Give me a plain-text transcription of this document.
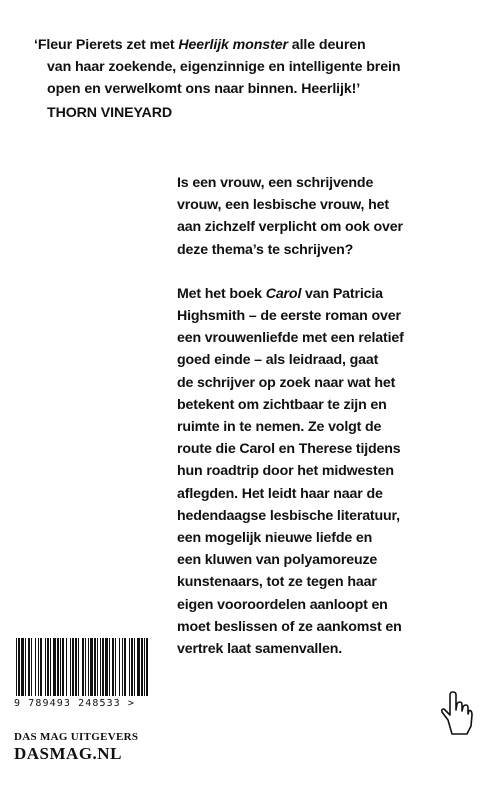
‘Fleur Pierets zet met Heerlijk monster alle deuren
van haar zoekende, eigenzinnige en intelligente brein
open en verwelkomt ons naar binnen. Heerlijk!’
THORN VINEYARD
Is een vrouw, een schrijvende
vrouw, een lesbische vrouw, het
aan zichzelf verplicht om ook over
deze thema’s te schrijven?
Met het boek Carol van Patricia
Highsmith – de eerste roman over
een vrouwenliefde met een relatief
goed einde – als leidraad, gaat
de schrijver op zoek naar wat het
betekent om zichtbaar te zijn en
ruimte in te nemen. Ze volgt de
route die Carol en Therese tijdens
hun roadtrip door het midwesten
aflegden. Het leidt haar naar de
hedendaagse lesbische literatuur,
een mogelijk nieuwe liefde en
een kluwen van polyamoreuze
kunstenaars, tot ze tegen haar
eigen vooroordelen aanloopt en
moet beslissen of ze aankomst en
vertrek laat samenvallen.
9 789493 248533 >
DAS MAG UITGEVERS
DASMAG.NL
